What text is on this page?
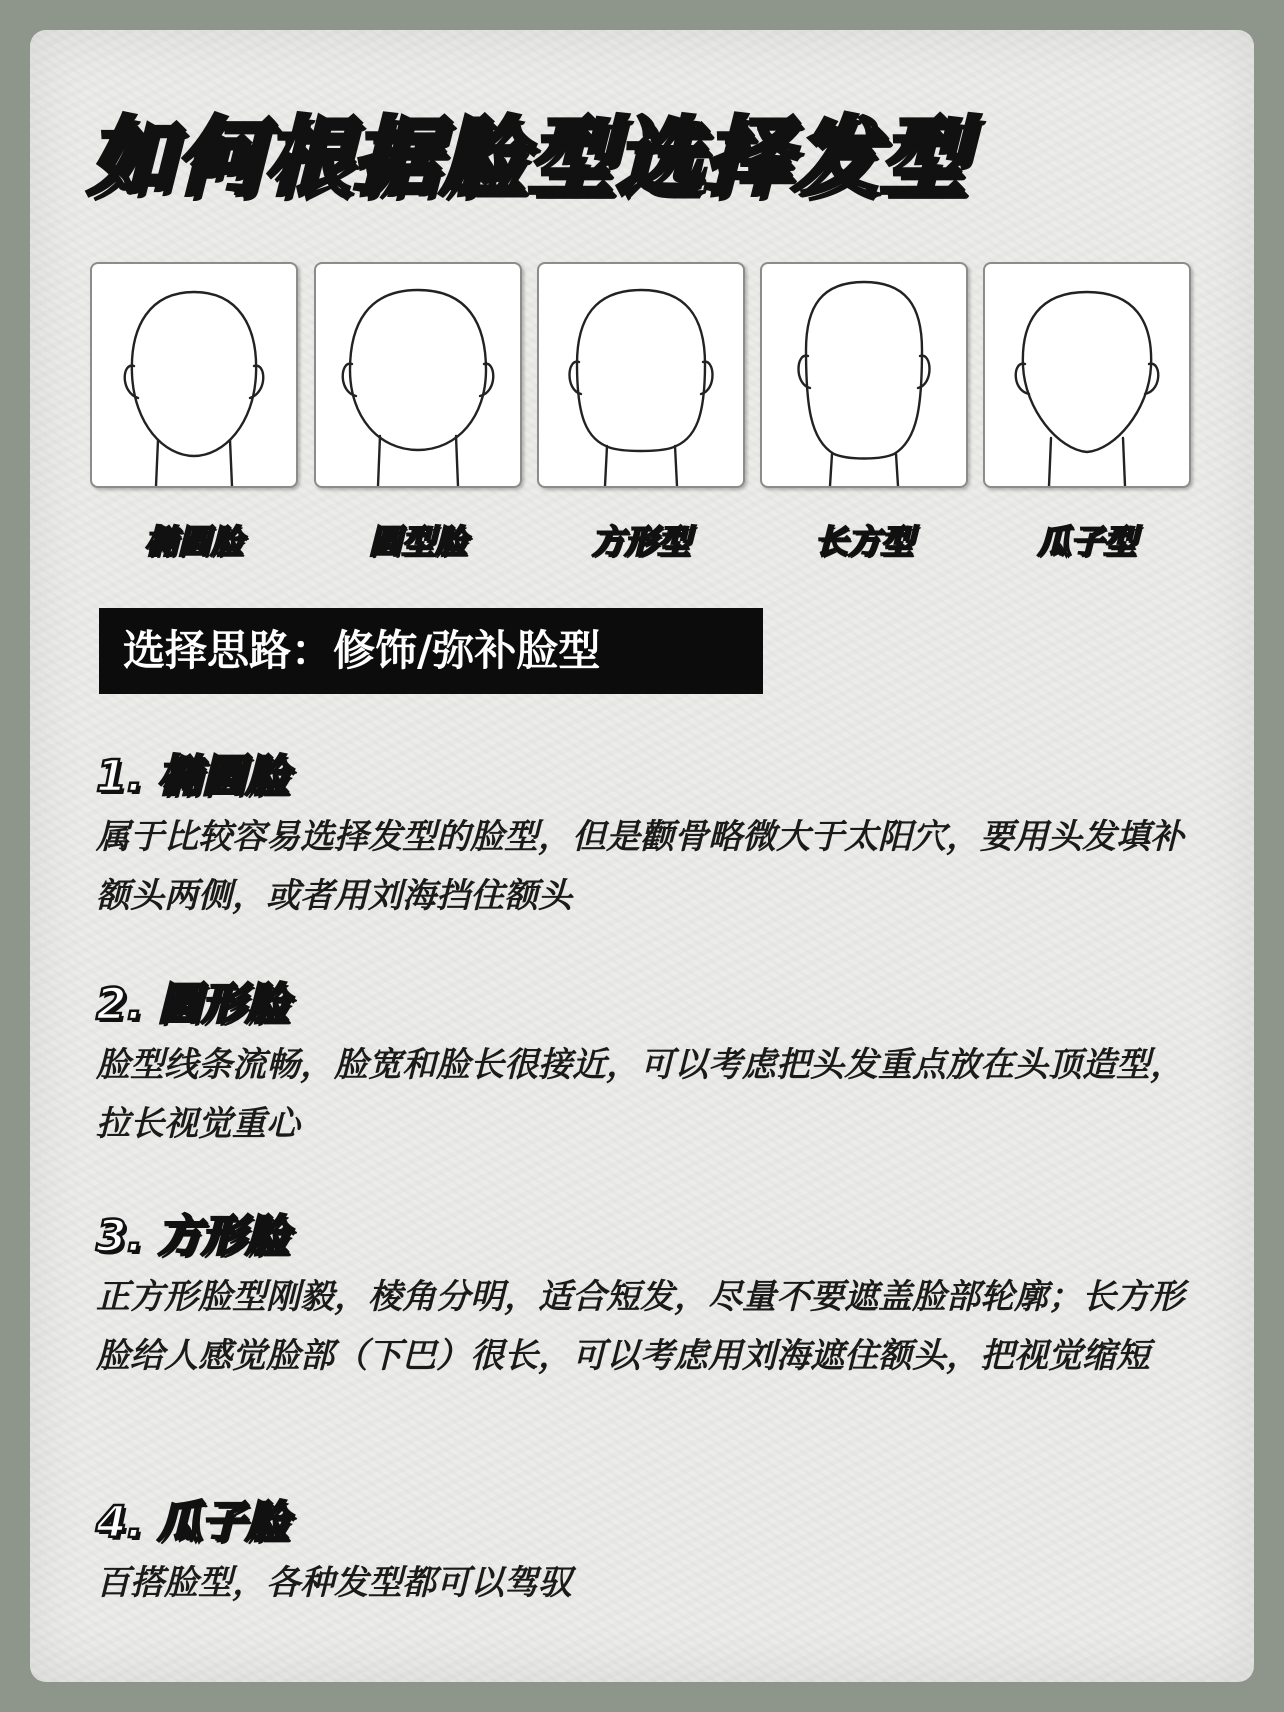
如何根据脸型选择发型
椭圆脸	圆型脸	方形型	长方型	瓜子型
选择思路：修饰/弥补脸型
1. 椭圆脸
属于比较容易选择发型的脸型，但是颧骨略微大于太阳穴，要用头发填补额头两侧，或者用刘海挡住额头
2. 圆形脸
脸型线条流畅，脸宽和脸长很接近，可以考虑把头发重点放在头顶造型，拉长视觉重心
3. 方形脸
正方形脸型刚毅，棱角分明，适合短发，尽量不要遮盖脸部轮廓；长方形脸给人感觉脸部（下巴）很长，可以考虑用刘海遮住额头，把视觉缩短
4. 瓜子脸
百搭脸型，各种发型都可以驾驭
